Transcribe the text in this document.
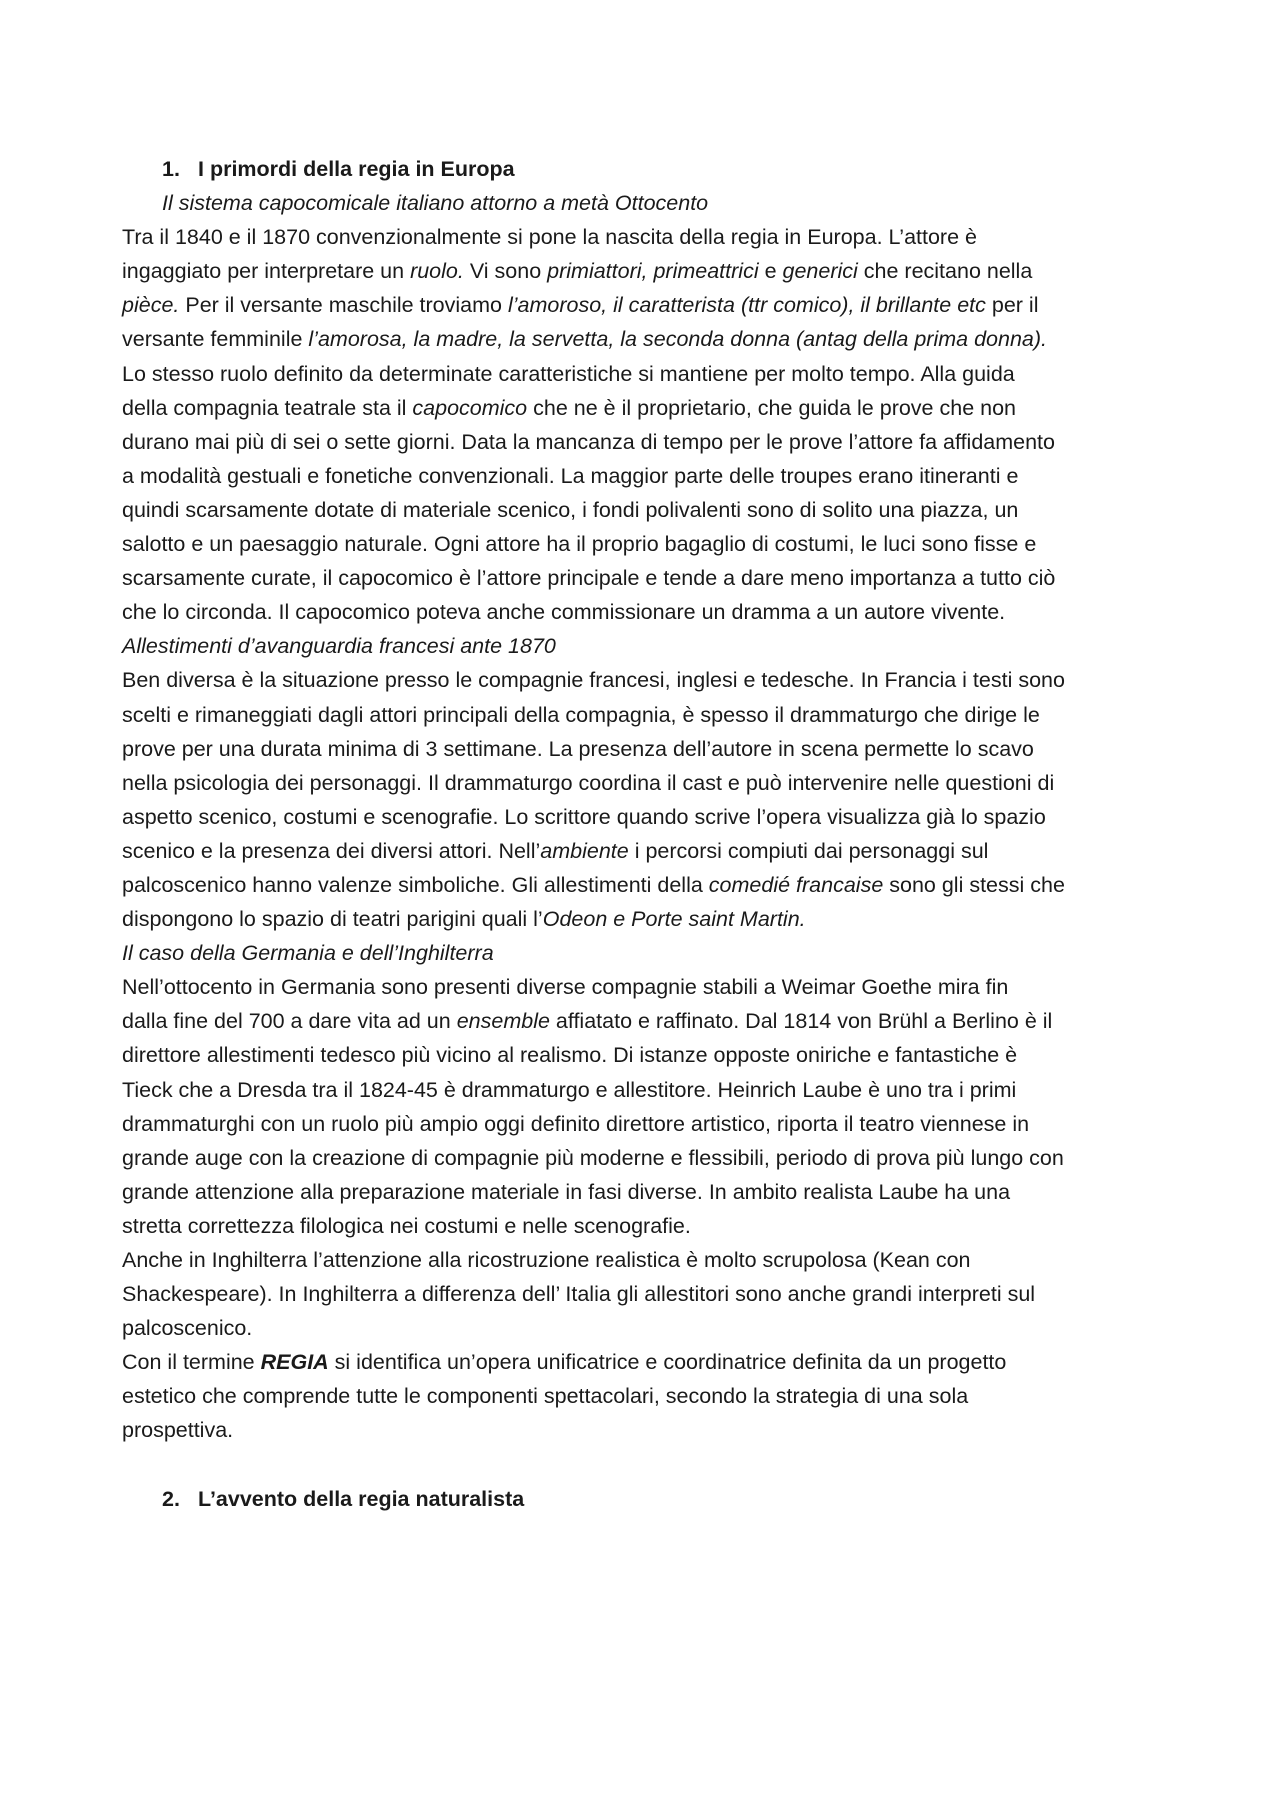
1. I primordi della regia in Europa
Il sistema capocomicale italiano attorno a metà Ottocento
Tra il 1840 e il 1870 convenzionalmente si pone la nascita della regia in Europa. L’attore è
ingaggiato per interpretare un ruolo. Vi sono primiattori, primeattrici e generici che recitano nella
pièce. Per il versante maschile troviamo l’amoroso, il caratterista (ttr comico), il brillante etc per il
versante femminile l’amorosa, la madre, la servetta, la seconda donna (antag della prima donna).
Lo stesso ruolo definito da determinate caratteristiche si mantiene per molto tempo. Alla guida
della compagnia teatrale sta il capocomico che ne è il proprietario, che guida le prove che non
durano mai più di sei o sette giorni. Data la mancanza di tempo per le prove l’attore fa affidamento
a modalità gestuali e fonetiche convenzionali. La maggior parte delle troupes erano itineranti e
quindi scarsamente dotate di materiale scenico, i fondi polivalenti sono di solito una piazza, un
salotto e un paesaggio naturale. Ogni attore ha il proprio bagaglio di costumi, le luci sono fisse e
scarsamente curate, il capocomico è l’attore principale e tende a dare meno importanza a tutto ciò
che lo circonda. Il capocomico poteva anche commissionare un dramma a un autore vivente.
Allestimenti d’avanguardia francesi ante 1870
Ben diversa è la situazione presso le compagnie francesi, inglesi e tedesche. In Francia i testi sono
scelti e rimaneggiati dagli attori principali della compagnia, è spesso il drammaturgo che dirige le
prove per una durata minima di 3 settimane. La presenza dell’autore in scena permette lo scavo
nella psicologia dei personaggi. Il drammaturgo coordina il cast e può intervenire nelle questioni di
aspetto scenico, costumi e scenografie. Lo scrittore quando scrive l’opera visualizza già lo spazio
scenico e la presenza dei diversi attori. Nell’ambiente i percorsi compiuti dai personaggi sul
palcoscenico hanno valenze simboliche. Gli allestimenti della comedié francaise sono gli stessi che
dispongono lo spazio di teatri parigini quali l’Odeon e Porte saint Martin.
Il caso della Germania e dell’Inghilterra
Nell’ottocento in Germania sono presenti diverse compagnie stabili a Weimar Goethe mira fin
dalla fine del 700 a dare vita ad un ensemble affiatato e raffinato. Dal 1814 von Brühl a Berlino è il
direttore allestimenti tedesco più vicino al realismo. Di istanze opposte oniriche e fantastiche è
Tieck che a Dresda tra il 1824-45 è drammaturgo e allestitore. Heinrich Laube è uno tra i primi
drammaturghi con un ruolo più ampio oggi definito direttore artistico, riporta il teatro viennese in
grande auge con la creazione di compagnie più moderne e flessibili, periodo di prova più lungo con
grande attenzione alla preparazione materiale in fasi diverse. In ambito realista Laube ha una
stretta correttezza filologica nei costumi e nelle scenografie.
Anche in Inghilterra l’attenzione alla ricostruzione realistica è molto scrupolosa (Kean con
Shackespeare). In Inghilterra a differenza dell’ Italia gli allestitori sono anche grandi interpreti sul
palcoscenico.
Con il termine REGIA si identifica un’opera unificatrice e coordinatrice definita da un progetto
estetico che comprende tutte le componenti spettacolari, secondo la strategia di una sola
prospettiva.
2. L’avvento della regia naturalista
